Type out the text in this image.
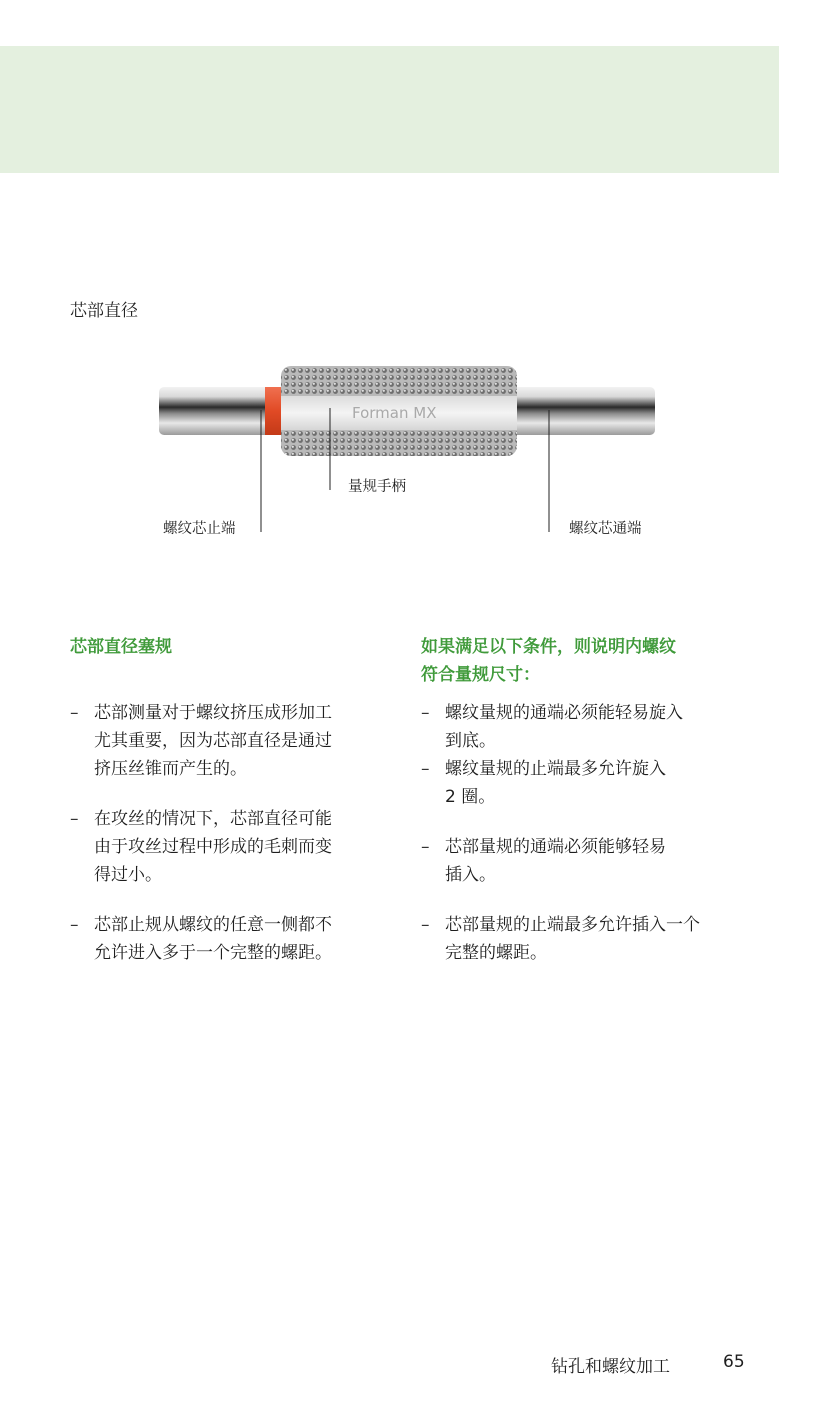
芯部直径
Forman MX
量规手柄
螺纹芯止端	螺纹芯通端
芯部直径塞规
– 芯部测量对于螺纹挤压成形加工
尤其重要，因为芯部直径是通过
挤压丝锥而产生的。
– 在攻丝的情况下，芯部直径可能
由于攻丝过程中形成的毛刺而变
得过小。
– 芯部止规从螺纹的任意一侧都不
允许进入多于一个完整的螺距。
如果满足以下条件，则说明内螺纹
符合量规尺寸：
– 螺纹量规的通端必须能轻易旋入
到底。
– 螺纹量规的止端最多允许旋入
2 圈。
– 芯部量规的通端必须能够轻易
插入。
– 芯部量规的止端最多允许插入一个
完整的螺距。
钻孔和螺纹加工	65
